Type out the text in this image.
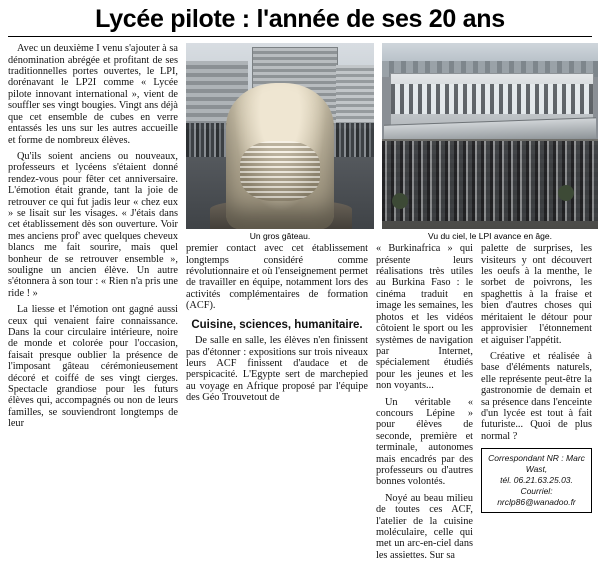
Lycée pilote : l'année de ses 20 ans

Avec un deuxième I venu s'ajouter à sa dénomination abrégée et profitant de ses traditionnelles portes ouvertes, le LPI, dorénavant le LP2I comme « Lycée pilote innovant international », vient de souffler ses vingt bougies. Vingt ans déjà que cet ensemble de cubes en verre entassés les uns sur les autres accueille et forme de nombreux élèves.

Qu'ils soient anciens ou nouveaux, professeurs et lycéens s'étaient donné rendez-vous pour fêter cet anniversaire. L'émotion était grande, tant la joie de retrouver ce qui fut jadis leur « chez eux » se lisait sur les visages. « J'étais dans cet établissement dès son ouverture. Voir mes anciens prof' avec quelques cheveux blancs me fait sourire, mais quel bonheur de se retrouver ensemble », souligne un ancien élève. Un autre s'étonnera à son tour : « Rien n'a pris une ride ! »

La liesse et l'émotion ont gagné aussi ceux qui venaient faire connaissance. Dans la cour circulaire intérieure, noire de monde et colorée pour l'occasion, faisait presque oublier la présence de l'imposant gâteau cérémonieusement décoré et coiffé de ses vingt cierges. Spectacle grandiose pour les futurs élèves qui, accompagnés ou non de leurs familles, se souviendront longtemps de leur

Un gros gâteau.	Vu du ciel, le LPI avance en âge.

premier contact avec cet établissement longtemps considéré comme révolutionnaire et où l'enseignement permet de travailler en équipe, notamment lors des activités complémentaires de formation (ACF).

Cuisine, sciences, humanitaire.

De salle en salle, les élèves n'en finissent pas d'étonner : expositions sur trois niveaux leurs ACF finissent d'audace et de perspicacité. L'Egypte sert de marchepied au voyage en Afrique proposé par l'équipe des Géo Trouvetout de

« Burkinafrica » qui présente leurs réalisations très utiles au Burkina Faso : le cinéma traduit en image les semaines, les photos et les vidéos côtoient le sport ou les systèmes de navigation par Internet, spécialement étudiés pour les jeunes et les non voyants...

Un véritable « concours Lépine » pour élèves de seconde, première et terminale, autonomes mais encadrés par des professeurs ou d'autres bonnes volontés.

Noyé au beau milieu de toutes ces ACF, l'atelier de la cuisine moléculaire, celle qui met un arc-en-ciel dans les assiettes. Sur sa

palette de surprises, les visiteurs y ont découvert les oeufs à la menthe, le sorbet de poivrons, les spaghettis à la fraise et bien d'autres choses qui méritaient le détour pour approvisier l'étonnement et aiguiser l'appétit.

Créative et réalisée à base d'éléments naturels, elle représente peut-être la gastronomie de demain et sa présence dans l'enceinte d'un lycée est tout à fait futuriste... Quoi de plus normal ?

Correspondant NR : Marc Wast,
tél. 06.21.63.25.03.
Courriel: nrclp86@wanadoo.fr
